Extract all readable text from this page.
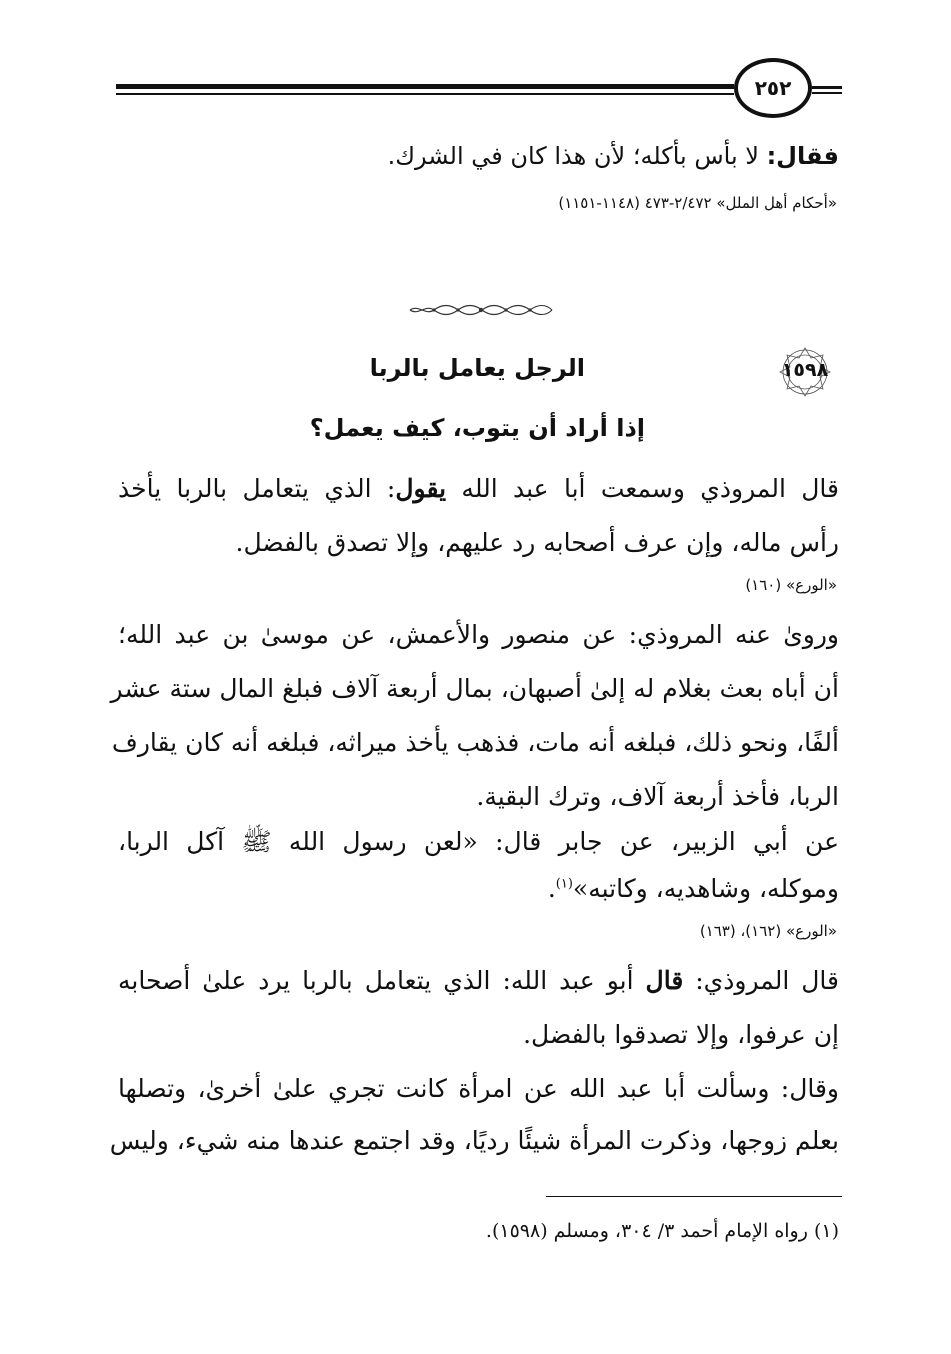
٢٥٢
فقال: لا بأس بأكله؛ لأن هذا كان في الشرك.
«أحكام أهل الملل» ٢/٤٧٢-٤٧٣ (١١٤٨-١١٥١)
١٥٩٨
الرجل يعامل بالربا
إذا أراد أن يتوب، كيف يعمل؟
قال المروذي وسمعت أبا عبد الله يقول: الذي يتعامل بالربا يأخذ
رأس ماله، وإن عرف أصحابه رد عليهم، وإلا تصدق بالفضل.
«الورع» (١٦٠)
وروىٰ عنه المروذي: عن منصور والأعمش، عن موسىٰ بن عبد الله؛
أن أباه بعث بغلام له إلىٰ أصبهان، بمال أربعة آلاف فبلغ المال ستة عشر
ألفًا، ونحو ذلك، فبلغه أنه مات، فذهب يأخذ ميراثه، فبلغه أنه كان يقارف
الربا، فأخذ أربعة آلاف، وترك البقية.
عن أبي الزبير، عن جابر قال: «لعن رسول الله ﷺ آكل الربا،
وموكله، وشاهديه، وكاتبه»$^{(١)}$.
«الورع» (١٦٢)، (١٦٣)
قال المروذي: قال أبو عبد الله: الذي يتعامل بالربا يرد علىٰ أصحابه
إن عرفوا، وإلا تصدقوا بالفضل.
وقال: وسألت أبا عبد الله عن امرأة كانت تجري علىٰ أخرىٰ، وتصلها
بعلم زوجها، وذكرت المرأة شيئًا رديًا، وقد اجتمع عندها منه شيء، وليس
(١) رواه الإمام أحمد ٣/ ٣٠٤، ومسلم (١٥٩٨).
